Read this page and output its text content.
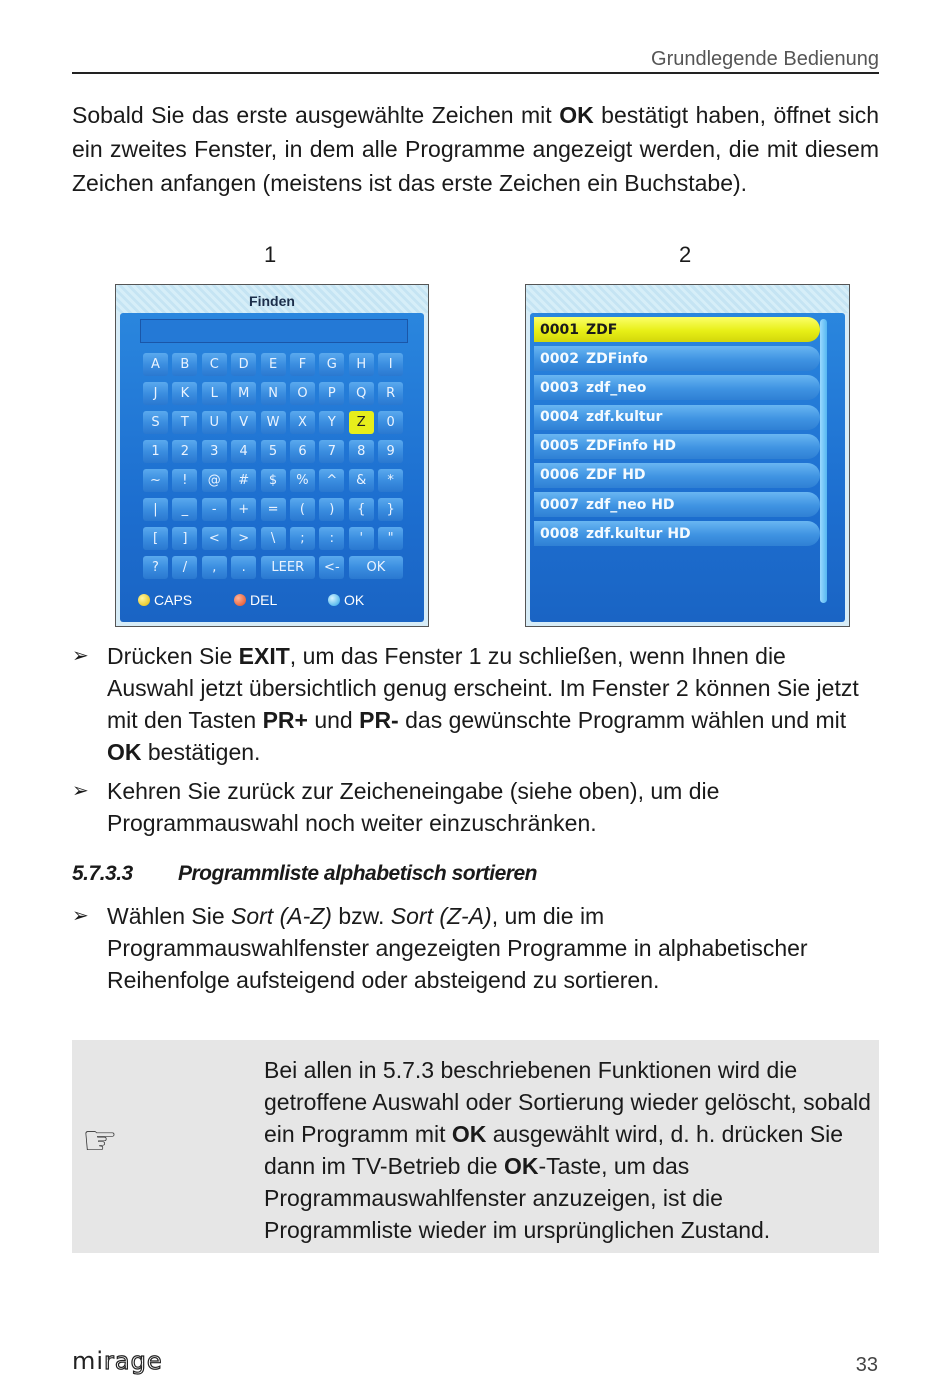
Grundlegende Bedienung
Sobald Sie das erste ausgewählte Zeichen mit OK bestätigt haben, öffnet sich ein zweites Fenster, in dem alle Programme angezeigt werden, die mit diesem Zeichen anfangen (meistens ist das erste Zeichen ein Buchstabe).
1	2
Finden
A	B	C	D	E	F	G	H	I
J	K	L	M	N	O	P	Q	R
S	T	U	V	W	X	Y	Z	0
1	2	3	4	5	6	7	8	9
~	!	@	#	$	%	^	&	*
|	_	-	+	=	(	)	{	}
[	]	<	>	\	;	:	'	"
?	/	,	.	LEER	<-	OK
CAPS	DEL	OK
0001 ZDF
0002 ZDFinfo
0003 zdf_neo
0004 zdf.kultur
0005 ZDFinfo HD
0006 ZDF HD
0007 zdf_neo HD
0008 zdf.kultur HD
➢ Drücken Sie EXIT, um das Fenster 1 zu schließen, wenn Ihnen die Auswahl jetzt übersichtlich genug erscheint. Im Fenster 2 können Sie jetzt mit den Tasten PR+ und PR- das gewünschte Programm wählen und mit OK bestätigen.
➢ Kehren Sie zurück zur Zeicheneingabe (siehe oben), um die Programmauswahl noch weiter einzuschränken.
5.7.3.3 Programmliste alphabetisch sortieren
➢ Wählen Sie Sort (A-Z) bzw. Sort (Z-A), um die im Programmauswahlfenster angezeigten Programme in alphabetischer Reihenfolge aufsteigend oder absteigend zu sortieren.
☞
Bei allen in 5.7.3 beschriebenen Funktionen wird die getroffene Auswahl oder Sortierung wieder gelöscht, sobald ein Programm mit OK ausgewählt wird, d. h. drücken Sie dann im TV-Betrieb die OK-Taste, um das Programmauswahlfenster anzuzeigen, ist die Programmliste wieder im ursprünglichen Zustand.
mirage	33
